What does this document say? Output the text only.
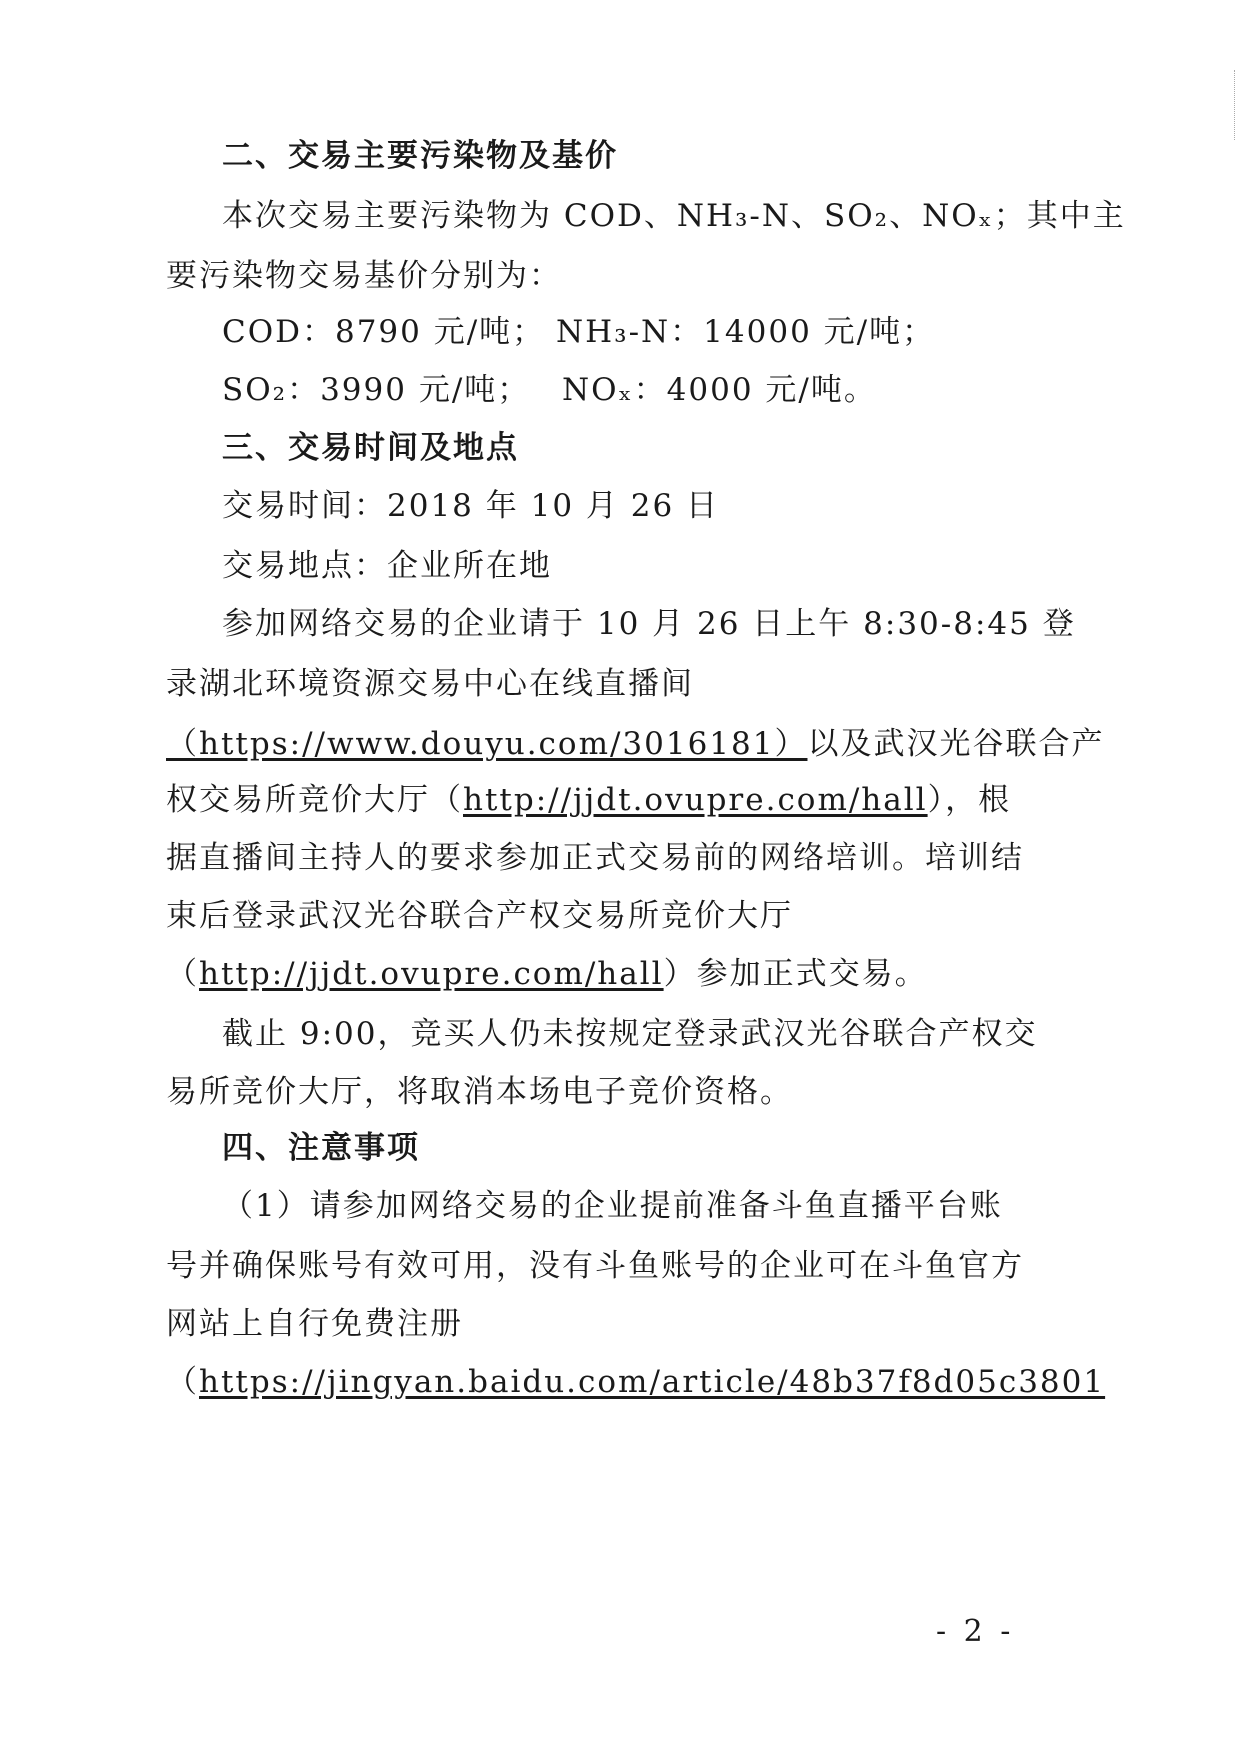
二、交易主要污染物及基价
本次交易主要污染物为 COD、NH₃-N、SO₂、NOₓ；其中主
要污染物交易基价分别为：
COD：8790 元/吨； NH₃-N：14000 元/吨；
SO₂：3990 元/吨； NOₓ：4000 元/吨。
三、交易时间及地点
交易时间：2018 年 10 月 26 日
交易地点：企业所在地
参加网络交易的企业请于 10 月 26 日上午 8:30-8:45 登
录湖北环境资源交易中心在线直播间
（https://www.douyu.com/3016181）以及武汉光谷联合产
权交易所竞价大厅（http://jjdt.ovupre.com/hall），根
据直播间主持人的要求参加正式交易前的网络培训。培训结
束后登录武汉光谷联合产权交易所竞价大厅
（http://jjdt.ovupre.com/hall）参加正式交易。
截止 9:00，竞买人仍未按规定登录武汉光谷联合产权交
易所竞价大厅，将取消本场电子竞价资格。
四、注意事项
（1）请参加网络交易的企业提前准备斗鱼直播平台账
号并确保账号有效可用，没有斗鱼账号的企业可在斗鱼官方
网站上自行免费注册
（https://jingyan.baidu.com/article/48b37f8d05c3801
- 2 -
